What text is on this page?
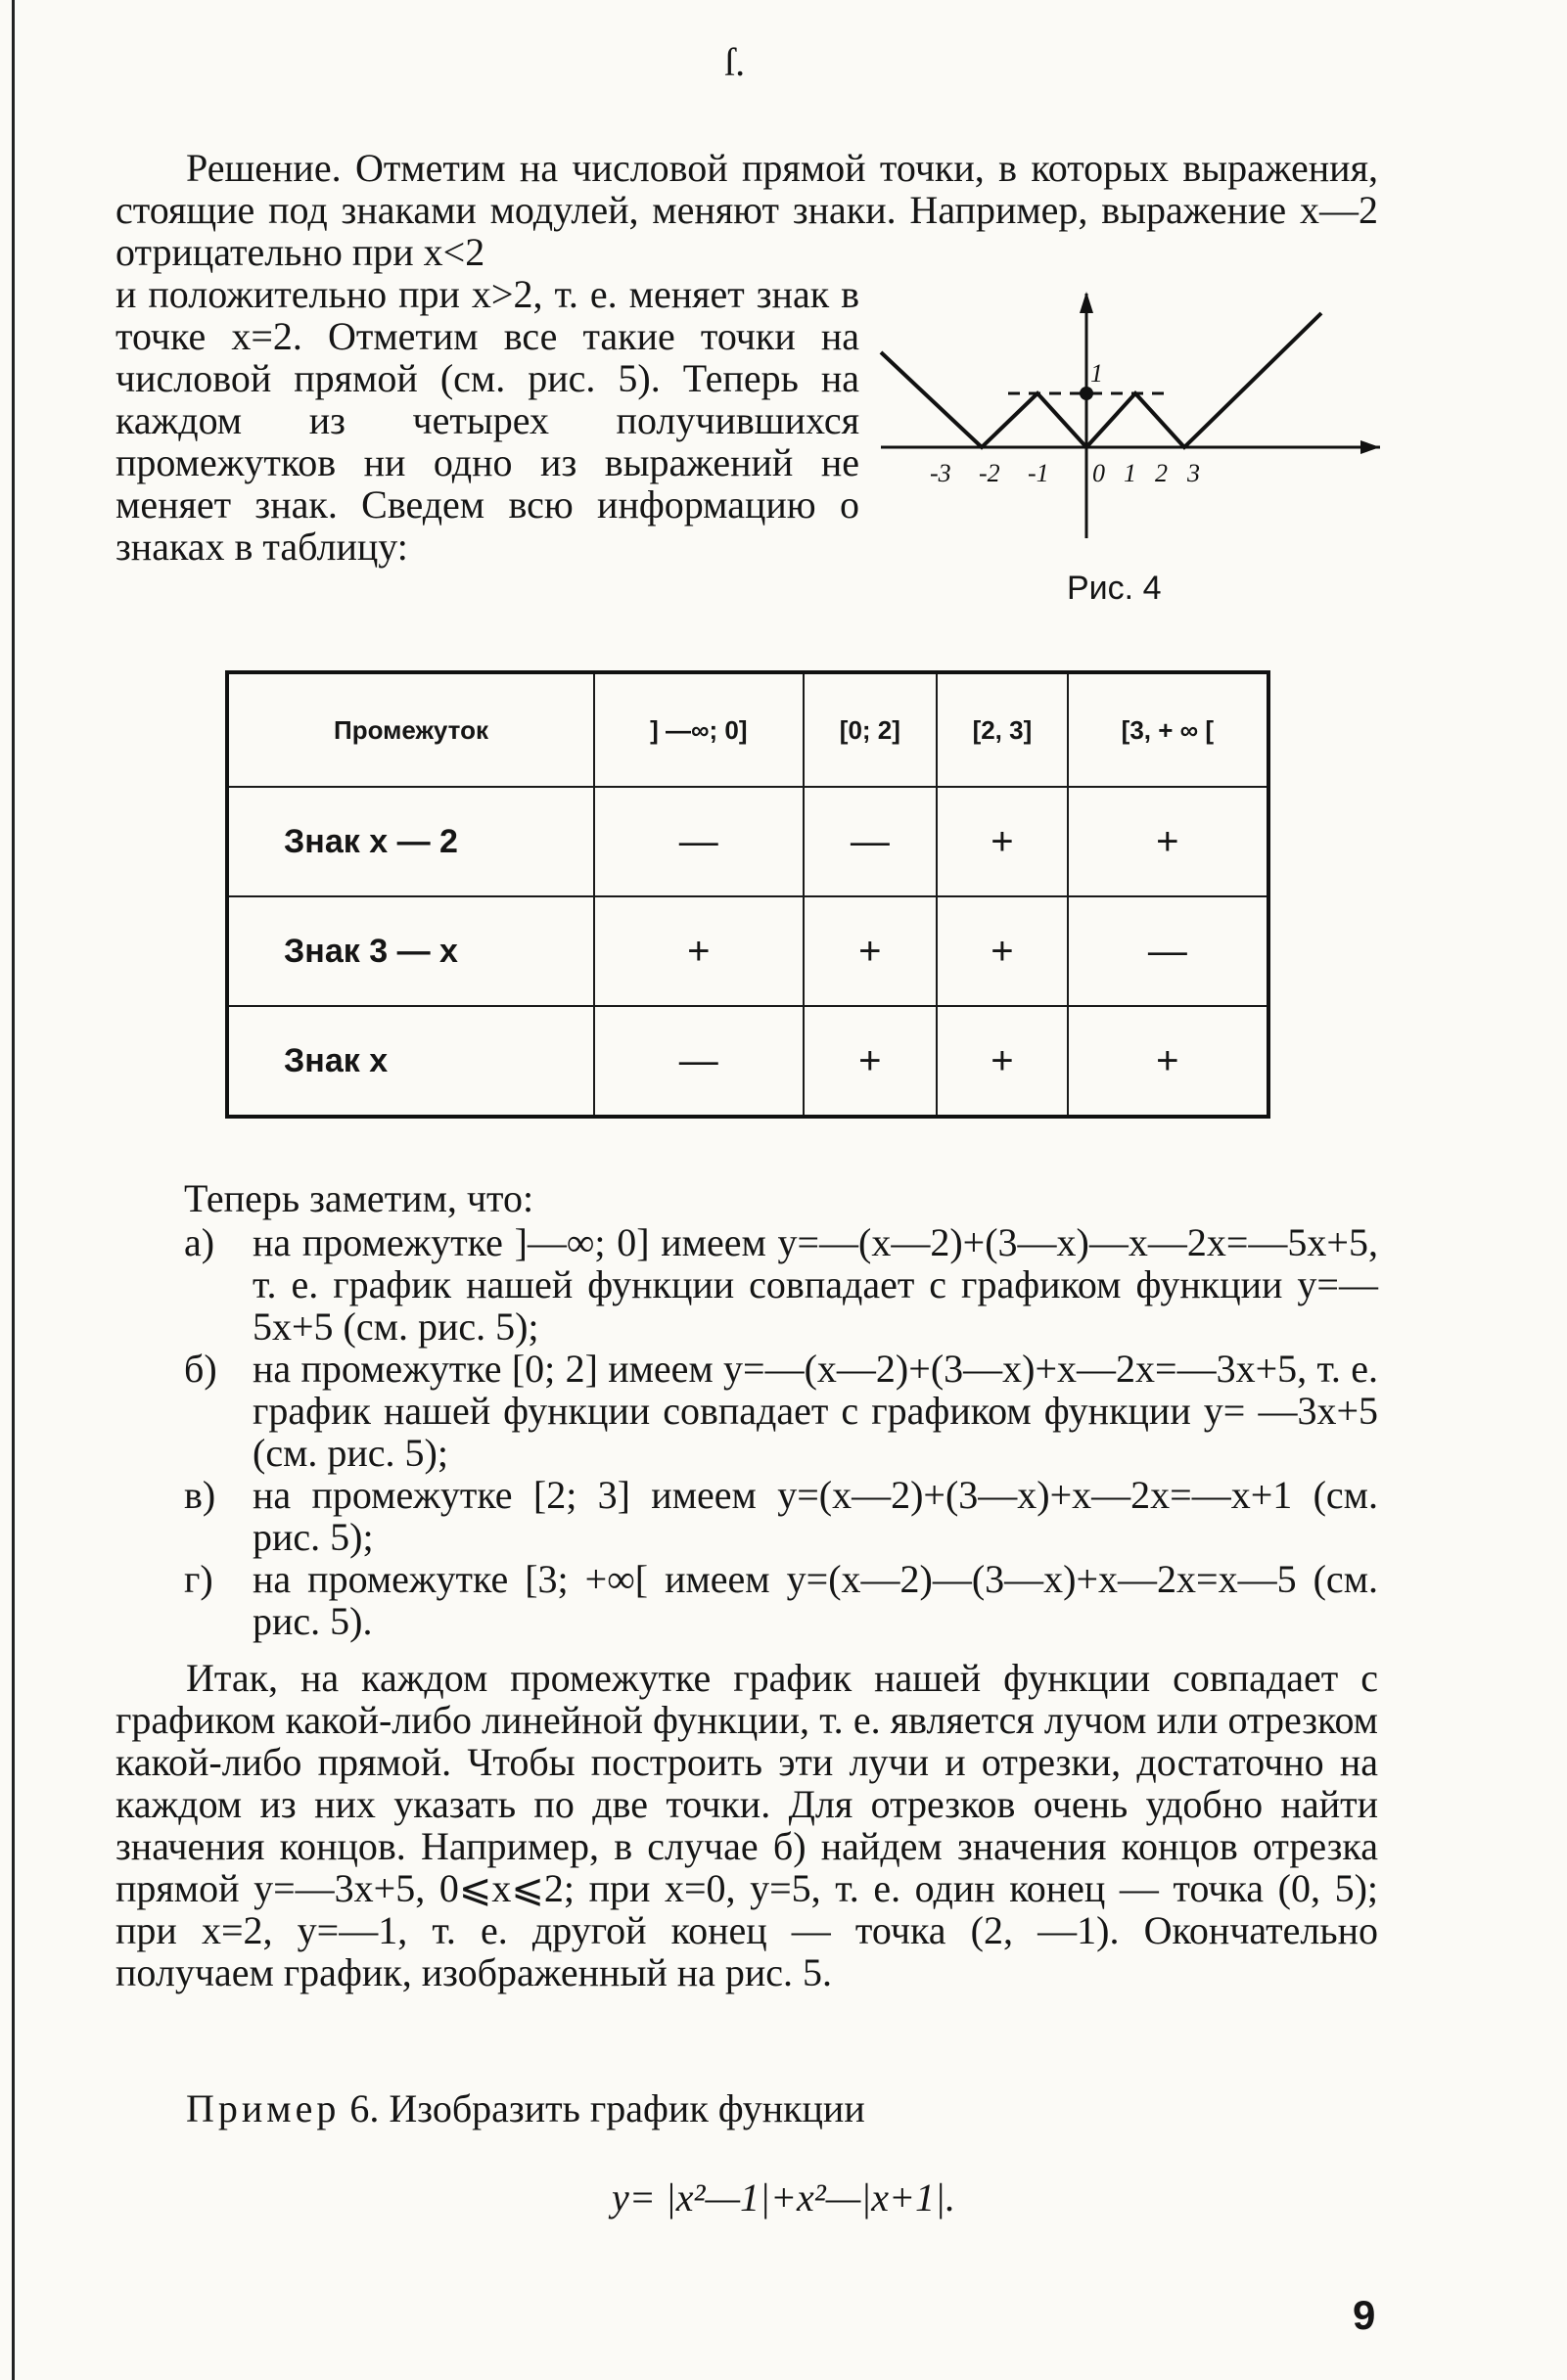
ſ.

Решение. Отметим на числовой прямой точки, в которых выражения, стоящие под знаками модулей, меняют знаки. Например, выражение x—2 отрицательно при x<2

и положительно при x>2, т. е. меняет знак в точке x=2. Отметим все такие точки на числовой прямой (см. рис. 5). Теперь на каждом из четырех получившихся промежутков ни одно из выражений не меняет знак. Сведем всю информацию о знаках в таблицу:

1
-3 -2 -1 0 1 2 3
Рис. 4
Промежуток	] —∞; 0]	[0; 2]	[2, 3]	[3, + ∞ [
Знак x — 2	—	—	+	+
Знак 3 — x	+	+	+	—
Знак x	—	+	+	+

Теперь заметим, что:

а) на промежутке ]—∞; 0] имеем y=—(x—2)+(3—x)—x—2x=—5x+5, т. е. график нашей функции совпадает с графиком функции y=—5x+5 (см. рис. 5);
б) на промежутке [0; 2] имеем y=—(x—2)+(3—x)+x—2x=—3x+5, т. е. график нашей функции совпадает с графиком функции y= —3x+5 (см. рис. 5);
в) на промежутке [2; 3] имеем y=(x—2)+(3—x)+x—2x=—x+1 (см. рис. 5);
г)	на промежутке [3; +∞[ имеем y=(x—2)—(3—x)+x—2x=x—5 (см. рис. 5).

Итак, на каждом промежутке график нашей функции совпадает с графиком какой-либо линейной функции, т. е. является лучом или отрезком какой-либо прямой. Чтобы построить эти лучи и отрезки, достаточно на каждом из них указать по две точки. Для отрезков очень удобно найти значения концов. Например, в случае б) найдем значения концов отрезка прямой y=—3x+5, 0⩽x⩽2; при x=0, y=5, т. е. один конец — точка (0, 5); при x=2, y=—1, т. е. другой конец — точка (2, —1). Окончательно получаем график, изображенный на рис. 5.

Пример 6. Изобразить график функции

y= |x²—1|+x²—|x+1|.
9
